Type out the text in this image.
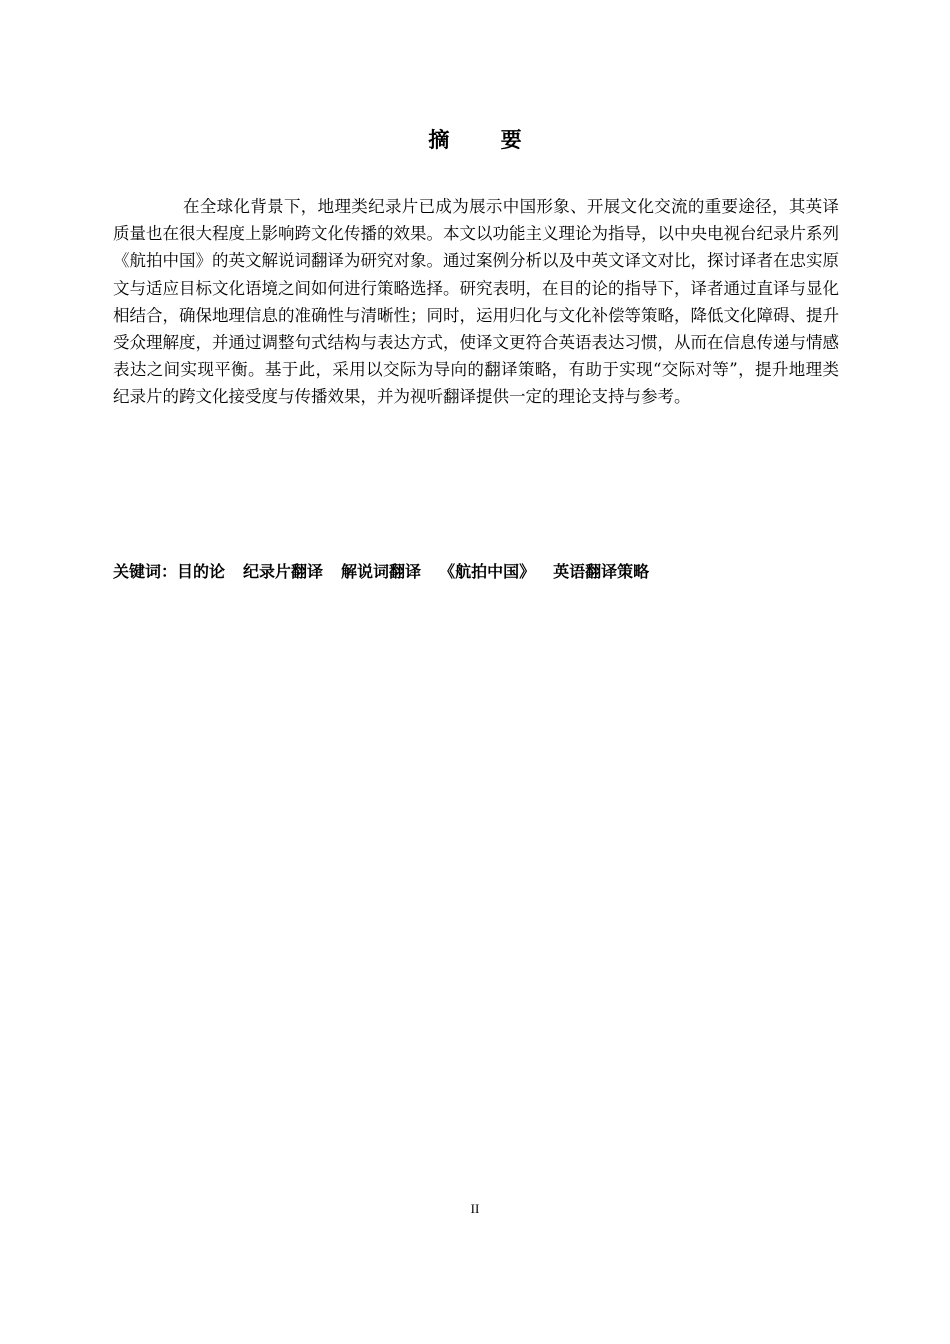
摘 要

在全球化背景下，地理类纪录片已成为展示中国形象、开展文化交流的重要途径，其英译质量也在很大程度上影响跨文化传播的效果。本文以功能主义理论为指导，以中央电视台纪录片系列《航拍中国》的英文解说词翻译为研究对象。通过案例分析以及中英文译文对比，探讨译者在忠实原文与适应目标文化语境之间如何进行策略选择。研究表明，在目的论的指导下，译者通过直译与显化相结合，确保地理信息的准确性与清晰性；同时，运用归化与文化补偿等策略，降低文化障碍、提升受众理解度，并通过调整句式结构与表达方式，使译文更符合英语表达习惯，从而在信息传递与情感表达之间实现平衡。基于此，采用以交际为导向的翻译策略，有助于实现“交际对等”，提升地理类纪录片的跨文化接受度与传播效果，并为视听翻译提供一定的理论支持与参考。

关键词：目的论 纪录片翻译 解说词翻译 《航拍中国》 英语翻译策略
II
